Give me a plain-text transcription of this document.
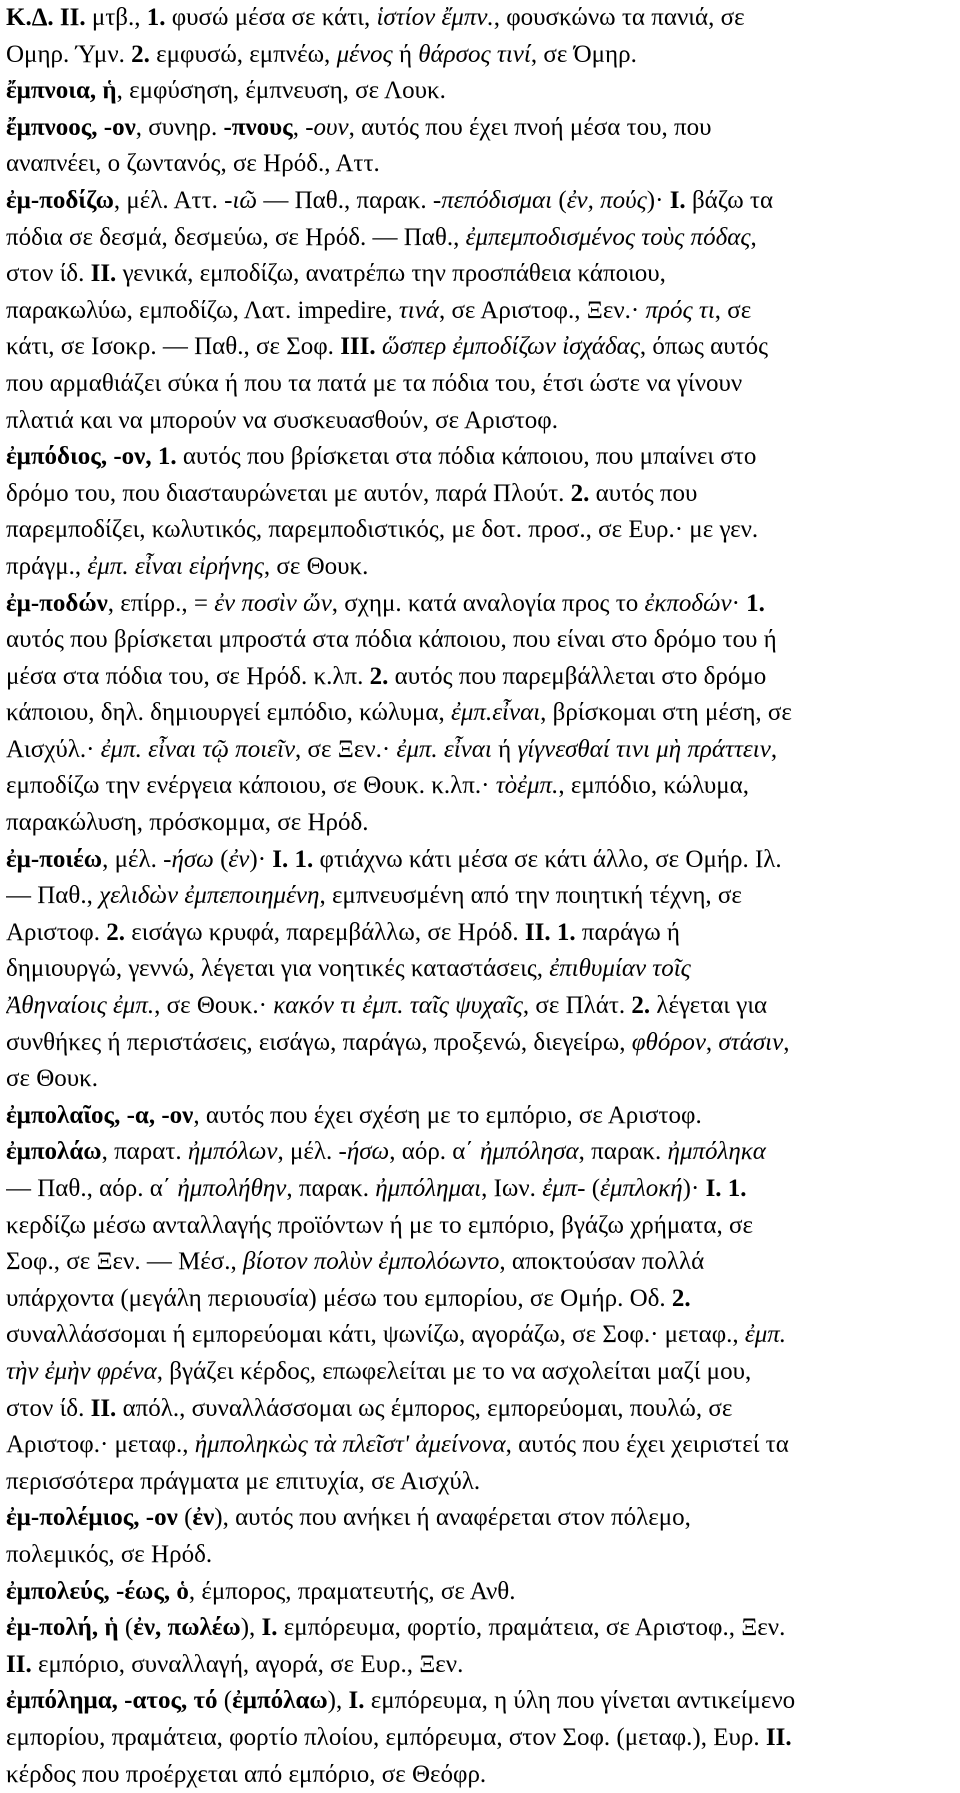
K.Δ. ΙΙ. μτβ., 1. φυσώ μέσα σε κάτι, ἱστίον ἔμπν., φουσκώνω τα πανιά, σε
Ομηρ. Ύμν. 2. εμφυσώ, εμπνέω, μένος ή θάρσος τινί, σε Όμηρ.
ἔμπνοια, ἡ, εμφύσηση, έμπνευση, σε Λουκ.
ἔμπνοος, -ον, συνηρ. -πνους, -ουν, αυτός που έχει πνοή μέσα του, που
αναπνέει, ο ζωντανός, σε Ηρόδ., Αττ.
ἐμ-ποδίζω, μέλ. Αττ. -ιῶ — Παθ., παρακ. -πεπόδισμαι (ἐν, πούς)· I. βάζω τα
πόδια σε δεσμά, δεσμεύω, σε Ηρόδ. — Παθ., ἐμπεμποδισμένος τοὺς πόδας,
στον ίδ. II. γενικά, εμποδίζω, ανατρέπω την προσπάθεια κάποιου,
παρακωλύω, εμποδίζω, Λατ. impedire, τινά, σε Αριστοφ., Ξεν.· πρός τι, σε
κάτι, σε Ισοκρ. — Παθ., σε Σοφ. III. ὥσπερ ἐμποδίζων ἰσχάδας, όπως αυτός
που αρμαθιάζει σύκα ή που τα πατά με τα πόδια του, έτσι ώστε να γίνουν
πλατιά και να μπορούν να συσκευασθούν, σε Αριστοφ.
ἐμπόδιος, -ον, 1. αυτός που βρίσκεται στα πόδια κάποιου, που μπαίνει στο
δρόμο του, που διασταυρώνεται με αυτόν, παρά Πλούτ. 2. αυτός που
παρεμποδίζει, κωλυτικός, παρεμποδιστικός, με δοτ. προσ., σε Ευρ.· με γεν.
πράγμ., ἐμπ. εἶναι εἰρήνης, σε Θουκ.
ἐμ-ποδών, επίρρ., = ἐν ποσὶν ὤν, σχημ. κατά αναλογία προς το ἐκποδών· 1.
αυτός που βρίσκεται μπροστά στα πόδια κάποιου, που είναι στο δρόμο του ή
μέσα στα πόδια του, σε Ηρόδ. κ.λπ. 2. αυτός που παρεμβάλλεται στο δρόμο
κάποιου, δηλ. δημιουργεί εμπόδιο, κώλυμα, ἐμπ.εἶναι, βρίσκομαι στη μέση, σε
Αισχύλ.· ἐμπ. εἶναι τῷ ποιεῖν, σε Ξεν.· ἐμπ. εἶναι ή γίγνεσθαί τινι μὴ πράττειν,
εμποδίζω την ενέργεια κάποιου, σε Θουκ. κ.λπ.· τὸἐμπ., εμπόδιο, κώλυμα,
παρακώλυση, πρόσκομμα, σε Ηρόδ.
ἐμ-ποιέω, μέλ. -ήσω (ἐν)· I. 1. φτιάχνω κάτι μέσα σε κάτι άλλο, σε Ομήρ. Ιλ.
— Παθ., χελιδὼν ἐμπεποιημένη, εμπνευσμένη από την ποιητική τέχνη, σε
Αριστοφ. 2. εισάγω κρυφά, παρεμβάλλω, σε Ηρόδ. II. 1. παράγω ή
δημιουργώ, γεννώ, λέγεται για νοητικές καταστάσεις, ἐπιθυμίαν τοῖς
Ἀθηναίοις ἐμπ., σε Θουκ.· κακόν τι ἐμπ. ταῖς ψυχαῖς, σε Πλάτ. 2. λέγεται για
συνθήκες ή περιστάσεις, εισάγω, παράγω, προξενώ, διεγείρω, φθόρον, στάσιν,
σε Θουκ.
ἐμπολαῖος, -α, -ον, αυτός που έχει σχέση με το εμπόριο, σε Αριστοφ.
ἐμπολάω, παρατ. ἠμπόλων, μέλ. -ήσω, αόρ. α΄ ἠμπόλησα, παρακ. ἠμπόληκα
— Παθ., αόρ. α΄ ἠμπολήθην, παρακ. ἠμπόλημαι, Ιων. ἐμπ- (ἐμπλοκή)· I. 1.
κερδίζω μέσω ανταλλαγής προϊόντων ή με το εμπόριο, βγάζω χρήματα, σε
Σοφ., σε Ξεν. — Μέσ., βίοτον πολὺν ἐμπολόωντο, αποκτούσαν πολλά
υπάρχοντα (μεγάλη περιουσία) μέσω του εμπορίου, σε Ομήρ. Οδ. 2.
συναλλάσσομαι ή εμπορεύομαι κάτι, ψωνίζω, αγοράζω, σε Σοφ.· μεταφ., ἐμπ.
τὴν ἐμὴν φρένα, βγάζει κέρδος, επωφελείται με το να ασχολείται μαζί μου,
στον ίδ. II. απόλ., συναλλάσσομαι ως έμπορος, εμπορεύομαι, πουλώ, σε
Αριστοφ.· μεταφ., ἠμποληκὼς τὰ πλεῖστ' ἀμείνονα, αυτός που έχει χειριστεί τα
περισσότερα πράγματα με επιτυχία, σε Αισχύλ.
ἐμ-πολέμιος, -ον (ἐν), αυτός που ανήκει ή αναφέρεται στον πόλεμο,
πολεμικός, σε Ηρόδ.
ἐμπολεύς, -έως, ὁ, έμπορος, πραματευτής, σε Ανθ.
ἐμ-πολή, ἡ (ἐν, πωλέω), I. εμπόρευμα, φορτίο, πραμάτεια, σε Αριστοφ., Ξεν.
II. εμπόριο, συναλλαγή, αγορά, σε Ευρ., Ξεν.
ἐμπόλημα, -ατος, τό (ἐμπόλαω), I. εμπόρευμα, η ύλη που γίνεται αντικείμενο
εμπορίου, πραμάτεια, φορτίο πλοίου, εμπόρευμα, στον Σοφ. (μεταφ.), Ευρ. II.
κέρδος που προέρχεται από εμπόριο, σε Θεόφρ.
